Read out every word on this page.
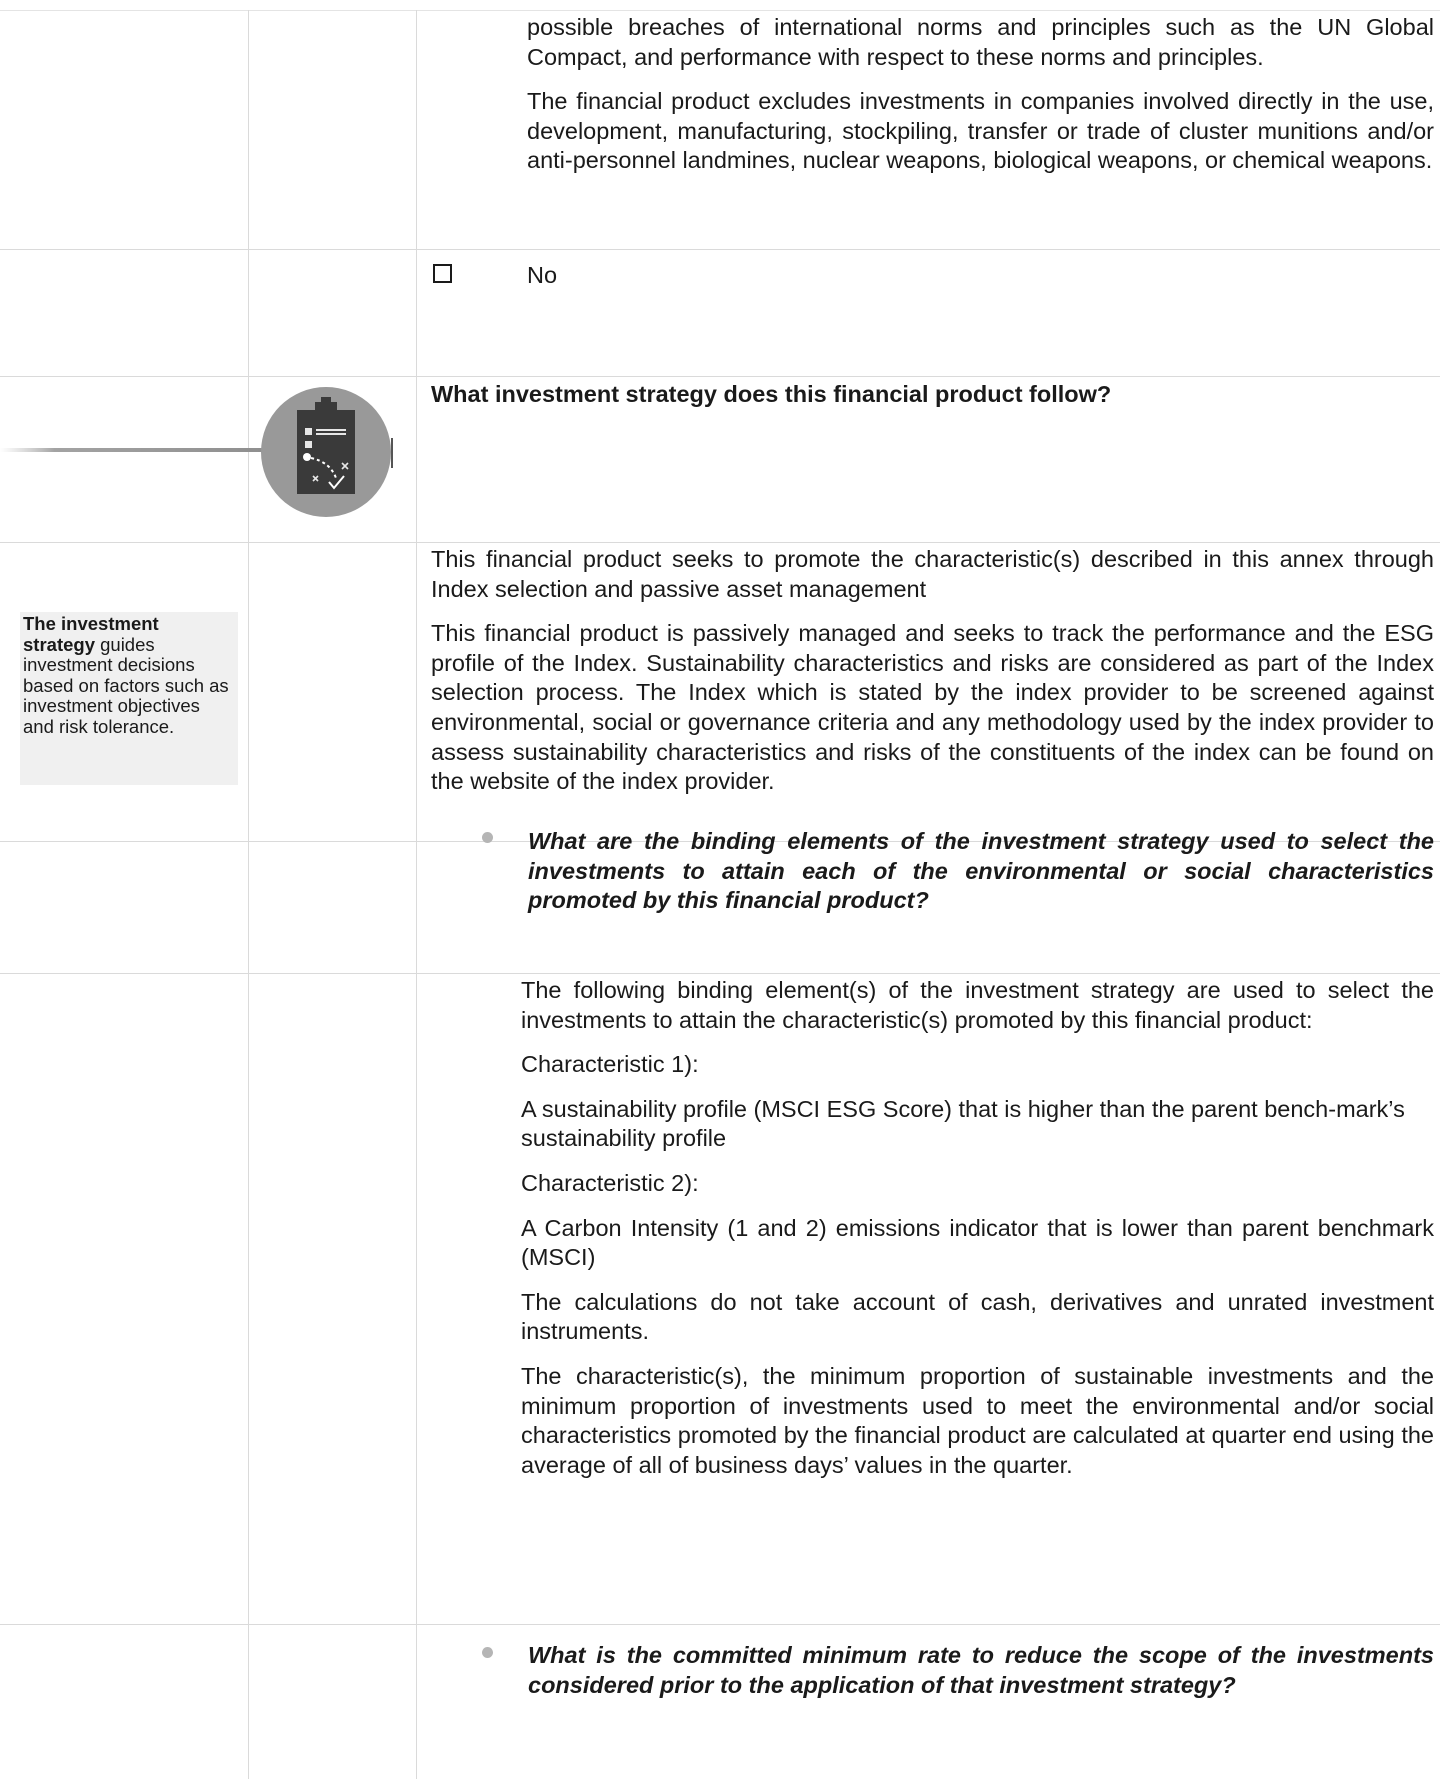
possible breaches of international norms and principles such as the UN Global Compact, and performance with respect to these norms and principles.

The financial product excludes investments in companies involved directly in the use, development, manufacturing, stockpiling, transfer or trade of cluster munitions and/or anti-personnel landmines, nuclear weapons, biological weapons, or chemical weapons.

No
What investment strategy does this financial product follow?
The investment strategy guides investment decisions based on factors such as investment objectives and risk tolerance.

This financial product seeks to promote the characteristic(s) described in this annex through Index selection and passive asset management

This financial product is passively managed and seeks to track the performance and the ESG profile of the Index. Sustainability characteristics and risks are considered as part of the Index selection process. The Index which is stated by the index provider to be screened against environmental, social or governance criteria and any methodology used by the index provider to assess sustainability characteristics and risks of the constituents of the index can be found on the website of the index provider.

What are the binding elements of the investment strategy used to select the investments to attain each of the environmental or social characteristics promoted by this financial product?

The following binding element(s) of the investment strategy are used to select the investments to attain the characteristic(s) promoted by this financial product:

Characteristic 1):

A sustainability profile (MSCI ESG Score) that is higher than the parent bench-mark’s sustainability profile

Characteristic 2):

A Carbon Intensity (1 and 2) emissions indicator that is lower than parent benchmark (MSCI)

The calculations do not take account of cash, derivatives and unrated investment instruments.

The characteristic(s), the minimum proportion of sustainable investments and the minimum proportion of investments used to meet the environmental and/or social characteristics promoted by the financial product are calculated at quarter end using the average of all of business days’ values in the quarter.

What is the committed minimum rate to reduce the scope of the investments considered prior to the application of that investment strategy?
